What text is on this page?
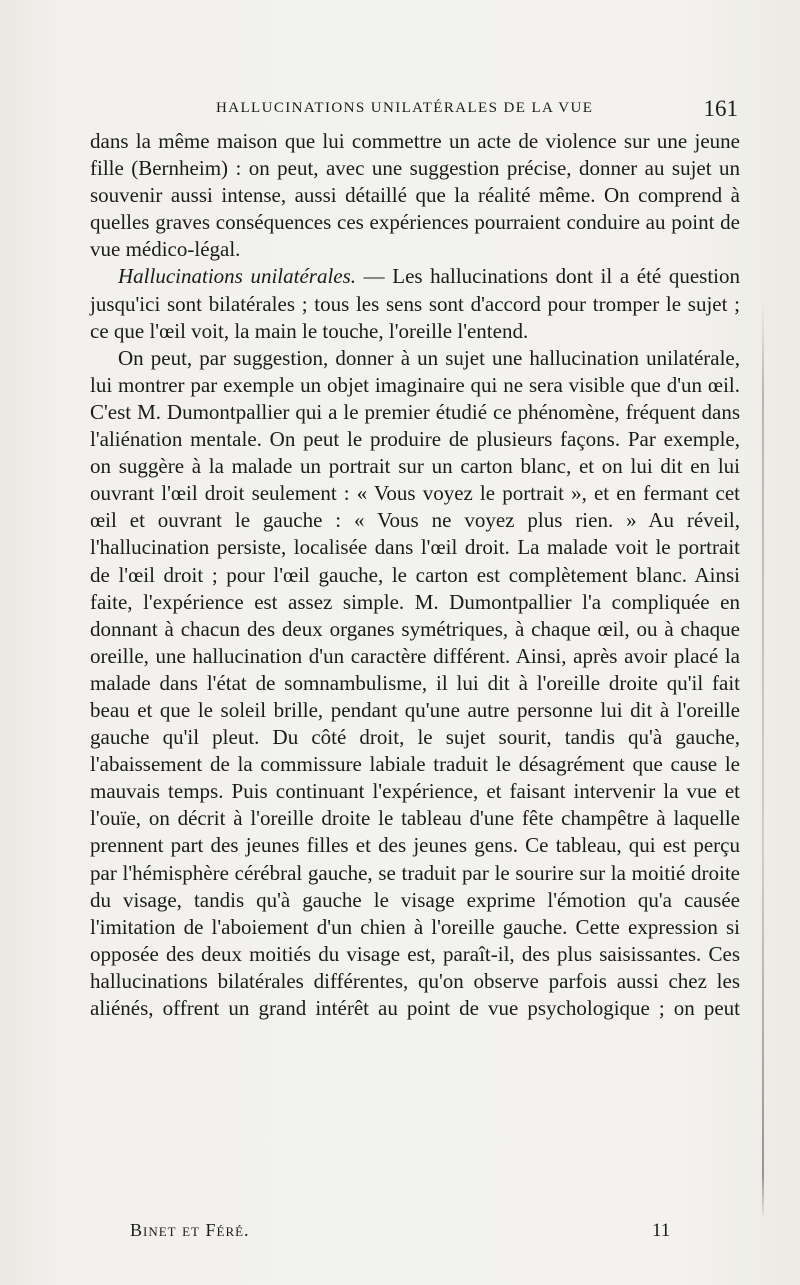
HALLUCINATIONS UNILATÉRALES DE LA VUE	161

dans la même maison que lui commettre un acte de violence sur une jeune fille (Bernheim) : on peut, avec une suggestion précise, donner au sujet un souvenir aussi intense, aussi détaillé que la réalité même. On comprend à quelles graves conséquences ces expériences pourraient conduire au point de vue médico-légal.

Hallucinations unilatérales. — Les hallucinations dont il a été question jusqu'ici sont bilatérales ; tous les sens sont d'accord pour tromper le sujet ; ce que l'œil voit, la main le touche, l'oreille l'entend.

On peut, par suggestion, donner à un sujet une hallucination unilatérale, lui montrer par exemple un objet imaginaire qui ne sera visible que d'un œil. C'est M. Dumontpallier qui a le premier étudié ce phénomène, fréquent dans l'aliénation mentale. On peut le produire de plusieurs façons. Par exemple, on suggère à la malade un portrait sur un carton blanc, et on lui dit en lui ouvrant l'œil droit seulement : « Vous voyez le portrait », et en fermant cet œil et ouvrant le gauche : « Vous ne voyez plus rien. » Au réveil, l'hallucination persiste, localisée dans l'œil droit. La malade voit le portrait de l'œil droit ; pour l'œil gauche, le carton est complètement blanc. Ainsi faite, l'expérience est assez simple. M. Dumontpallier l'a compliquée en donnant à chacun des deux organes symétriques, à chaque œil, ou à chaque oreille, une hallucination d'un caractère différent. Ainsi, après avoir placé la malade dans l'état de somnambulisme, il lui dit à l'oreille droite qu'il fait beau et que le soleil brille, pendant qu'une autre personne lui dit à l'oreille gauche qu'il pleut. Du côté droit, le sujet sourit, tandis qu'à gauche, l'abaissement de la commissure labiale traduit le désagrément que cause le mauvais temps. Puis continuant l'expérience, et faisant intervenir la vue et l'ouïe, on décrit à l'oreille droite le tableau d'une fête champêtre à laquelle prennent part des jeunes filles et des jeunes gens. Ce tableau, qui est perçu par l'hémisphère cérébral gauche, se traduit par le sourire sur la moitié droite du visage, tandis qu'à gauche le visage exprime l'émotion qu'a causée l'imitation de l'aboiement d'un chien à l'oreille gauche. Cette expression si opposée des deux moitiés du visage est, paraît-il, des plus saisissantes. Ces hallucinations bilatérales différentes, qu'on observe parfois aussi chez les aliénés, offrent un grand intérêt au point de vue psychologique ; on peut

Binet et Féré.	11
